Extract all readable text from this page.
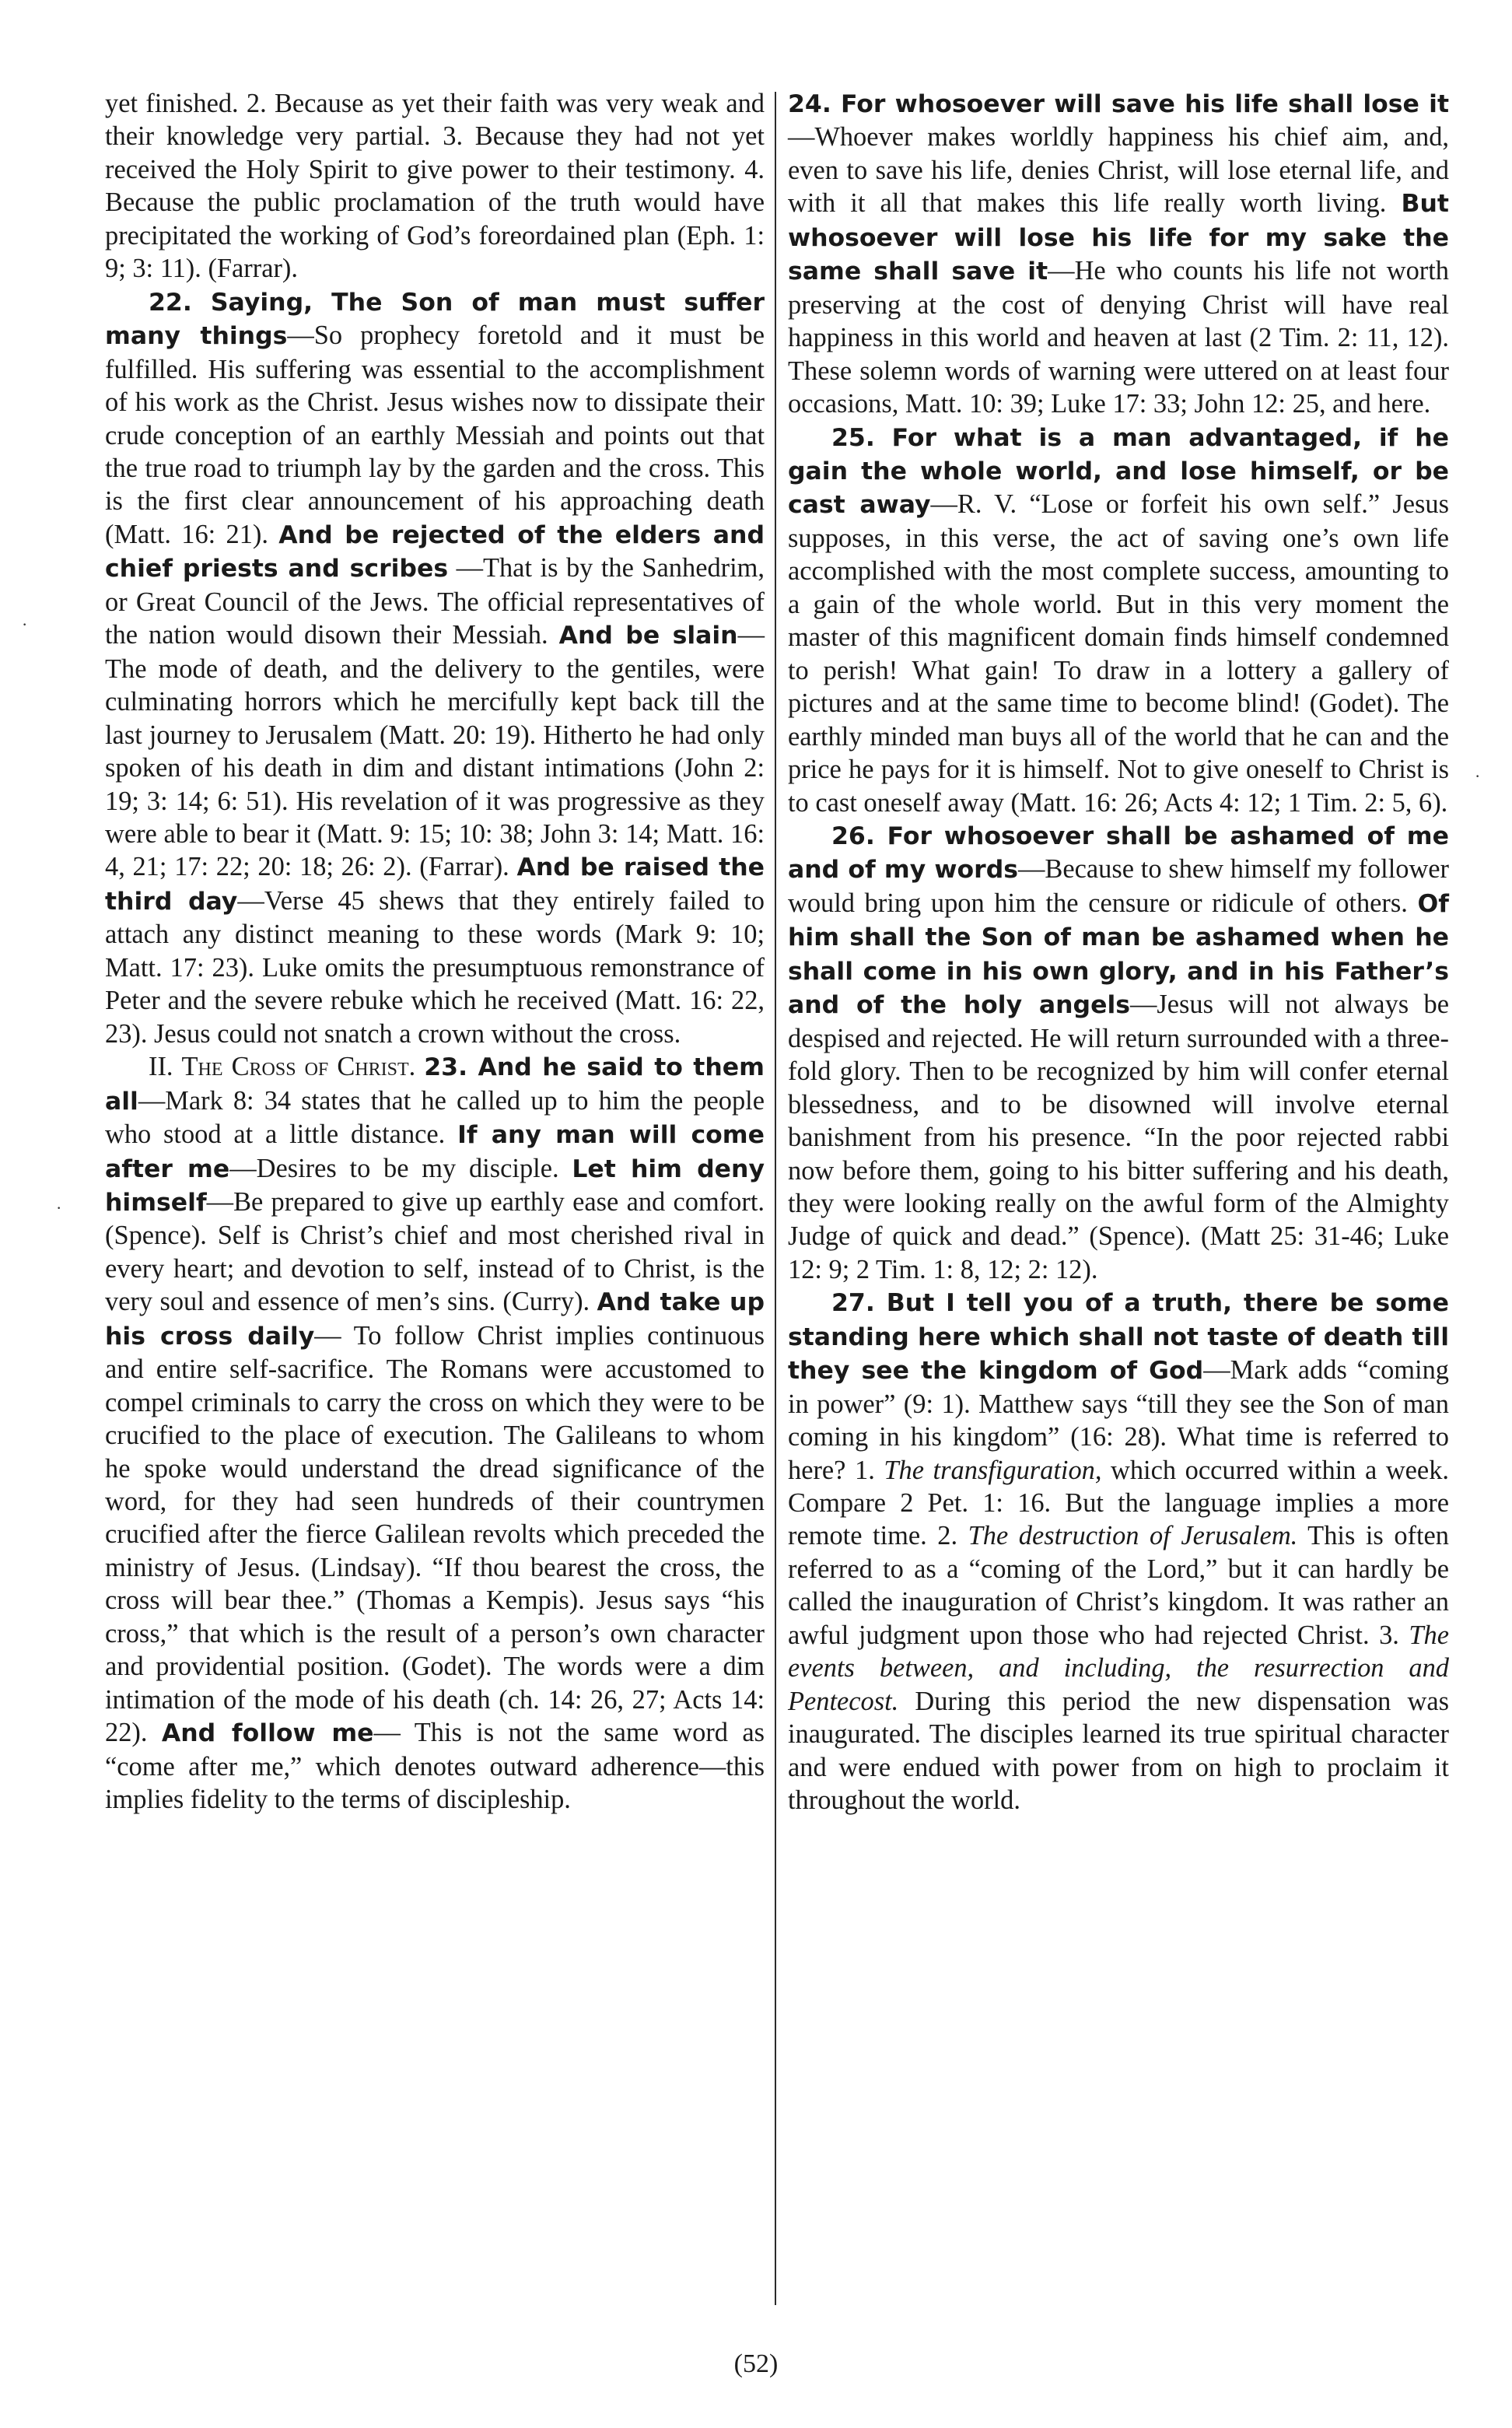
yet finished. 2. Because as yet their faith was very weak and their knowledge very partial. 3. Because they had not yet received the Holy Spirit to give power to their testimony. 4. Because the public proclamation of the truth would have precipitated the working of God’s foreordained plan (Eph. 1: 9; 3: 11). (Farrar).

22. Saying, The Son of man must suffer many things—So prophecy foretold and it must be fulfilled. His suffering was essential to the accomplishment of his work as the Christ. Jesus wishes now to dissipate their crude conception of an earthly Messiah and points out that the true road to triumph lay by the garden and the cross. This is the first clear announcement of his approaching death (Matt. 16: 21). And be rejected of the elders and chief priests and scribes —That is by the Sanhedrim, or Great Council of the Jews. The official representatives of the nation would disown their Messiah. And be slain—The mode of death, and the delivery to the gentiles, were culminating horrors which he mercifully kept back till the last journey to Jerusalem (Matt. 20: 19). Hitherto he had only spoken of his death in dim and distant intimations (John 2: 19; 3: 14; 6: 51). His revelation of it was progressive as they were able to bear it (Matt. 9: 15; 10: 38; John 3: 14; Matt. 16: 4, 21; 17: 22; 20: 18; 26: 2). (Farrar). And be raised the third day—Verse 45 shews that they entirely failed to attach any distinct meaning to these words (Mark 9: 10; Matt. 17: 23). Luke omits the presumptuous remonstrance of Peter and the severe rebuke which he received (Matt. 16: 22, 23). Jesus could not snatch a crown without the cross.

II. The Cross of Christ. 23. And he said to them all—Mark 8: 34 states that he called up to him the people who stood at a little distance. If any man will come after me—Desires to be my disciple. Let him deny himself—Be prepared to give up earthly ease and comfort. (Spence). Self is Christ’s chief and most cherished rival in every heart; and devotion to self, instead of to Christ, is the very soul and essence of men’s sins. (Curry). And take up his cross daily— To follow Christ implies continuous and entire self-sacrifice. The Romans were accustomed to compel criminals to carry the cross on which they were to be crucified to the place of execution. The Galileans to whom he spoke would understand the dread significance of the word, for they had seen hundreds of their countrymen crucified after the fierce Galilean revolts which preceded the ministry of Jesus. (Lindsay). “If thou bearest the cross, the cross will bear thee.” (Thomas a Kempis). Jesus says “his cross,” that which is the result of a person’s own character and providential position. (Godet). The words were a dim intimation of the mode of his death (ch. 14: 26, 27; Acts 14: 22). And follow me— This is not the same word as “come after me,” which denotes outward adherence—this implies fidelity to the terms of discipleship.

24. For whosoever will save his life shall lose it—Whoever makes worldly happiness his chief aim, and, even to save his life, denies Christ, will lose eternal life, and with it all that makes this life really worth living. But whosoever will lose his life for my sake the same shall save it—He who counts his life not worth preserving at the cost of denying Christ will have real happiness in this world and heaven at last (2 Tim. 2: 11, 12). These solemn words of warning were uttered on at least four occasions, Matt. 10: 39; Luke 17: 33; John 12: 25, and here.

25. For what is a man advantaged, if he gain the whole world, and lose himself, or be cast away—R. V. “Lose or forfeit his own self.” Jesus supposes, in this verse, the act of saving one’s own life accomplished with the most complete success, amounting to a gain of the whole world. But in this very moment the master of this magnificent domain finds himself condemned to perish! What gain! To draw in a lottery a gallery of pictures and at the same time to become blind! (Godet). The earthly minded man buys all of the world that he can and the price he pays for it is himself. Not to give oneself to Christ is to cast oneself away (Matt. 16: 26; Acts 4: 12; 1 Tim. 2: 5, 6).

26. For whosoever shall be ashamed of me and of my words—Because to shew himself my follower would bring upon him the censure or ridicule of others. Of him shall the Son of man be ashamed when he shall come in his own glory, and in his Father’s and of the holy angels—Jesus will not always be despised and rejected. He will return surrounded with a three-fold glory. Then to be recognized by him will confer eternal blessedness, and to be disowned will involve eternal banishment from his presence. “In the poor rejected rabbi now before them, going to his bitter suffering and his death, they were looking really on the awful form of the Almighty Judge of quick and dead.” (Spence). (Matt 25: 31-46; Luke 12: 9; 2 Tim. 1: 8, 12; 2: 12).

27. But I tell you of a truth, there be some standing here which shall not taste of death till they see the kingdom of God—Mark adds “coming in power” (9: 1). Matthew says “till they see the Son of man coming in his kingdom” (16: 28). What time is referred to here? 1. The transfiguration, which occurred within a week. Compare 2 Pet. 1: 16. But the language implies a more remote time. 2. The destruction of Jerusalem. This is often referred to as a “coming of the Lord,” but it can hardly be called the inauguration of Christ’s kingdom. It was rather an awful judgment upon those who had rejected Christ. 3. The events between, and including, the resurrection and Pentecost. During this period the new dispensation was inaugurated. The disciples learned its true spiritual character and were endued with power from on high to proclaim it throughout the world.

(52)
·
·
·
